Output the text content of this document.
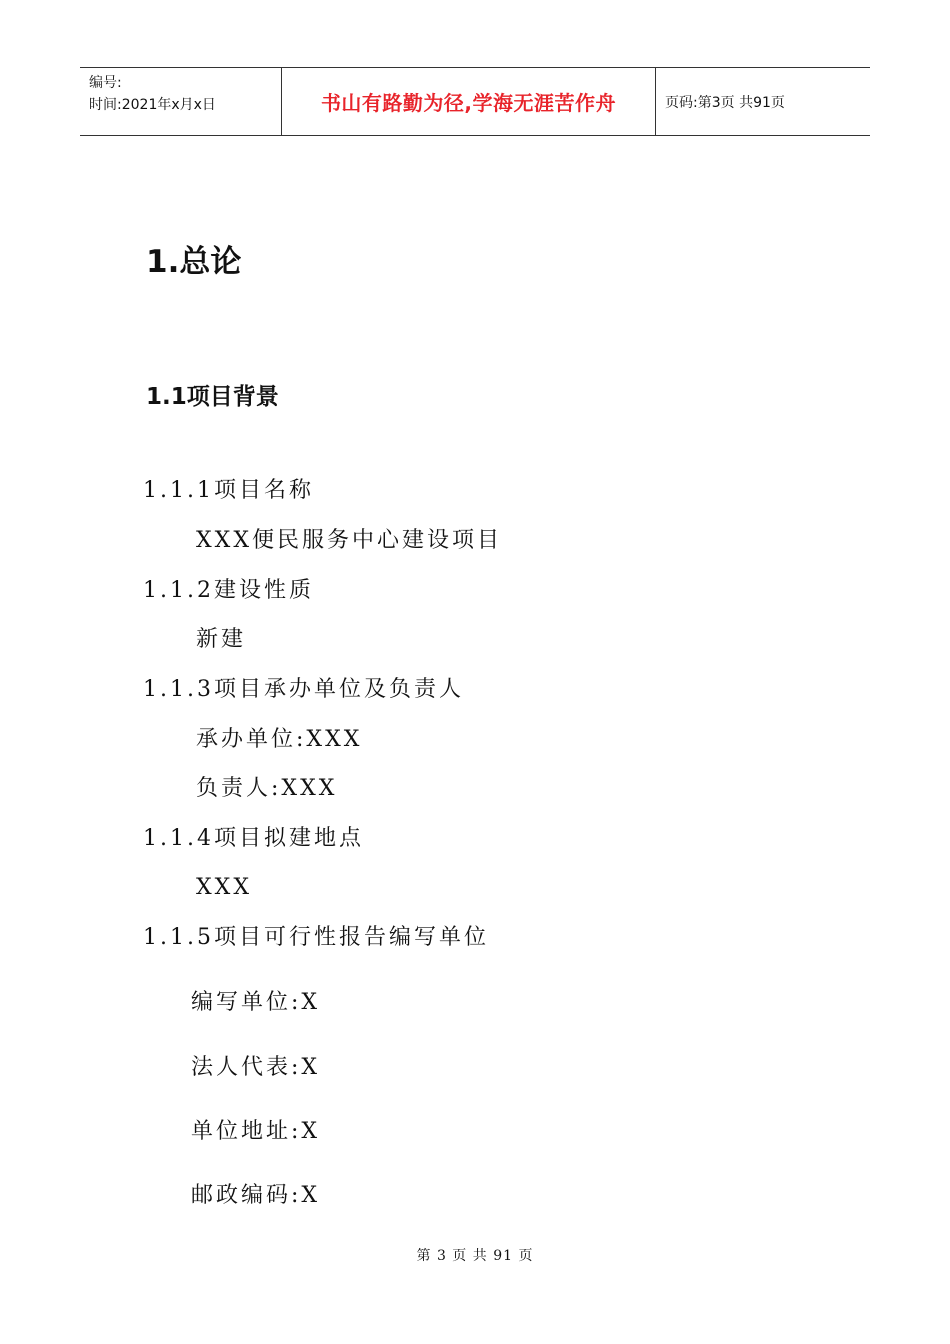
编号:
时间:2021年x月x日	书山有路勤为径,学海无涯苦作舟	页码:第3页 共91页
1.总论
1.1项目背景
1.1.1项目名称
XXX便民服务中心建设项目
1.1.2建设性质
新建
1.1.3项目承办单位及负责人
承办单位:XXX
负责人:XXX
1.1.4项目拟建地点
XXX
1.1.5项目可行性报告编写单位
编写单位:X
法人代表:X
单位地址:X
邮政编码:X
第 3 页 共 91 页
